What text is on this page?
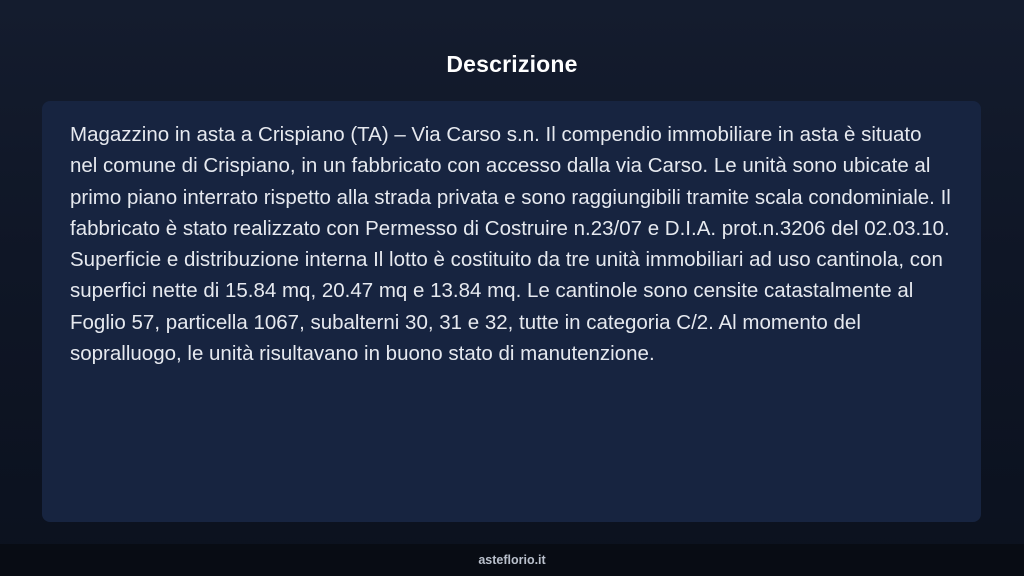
Descrizione

Magazzino in asta a Crispiano (TA) – Via Carso s.n. Il compendio immobiliare in asta è situato nel comune di Crispiano, in un fabbricato con accesso dalla via Carso. Le unità sono ubicate al primo piano interrato rispetto alla strada privata e sono raggiungibili tramite scala condominiale. Il fabbricato è stato realizzato con Permesso di Costruire n.23/07 e D.I.A. prot.n.3206 del 02.03.10. Superficie e distribuzione interna Il lotto è costituito da tre unità immobiliari ad uso cantinola, con superfici nette di 15.84 mq, 20.47 mq e 13.84 mq. Le cantinole sono censite catastalmente al Foglio 57, particella 1067, subalterni 30, 31 e 32, tutte in categoria C/2. Al momento del sopralluogo, le unità risultavano in buono stato di manutenzione.

asteflorio.it
